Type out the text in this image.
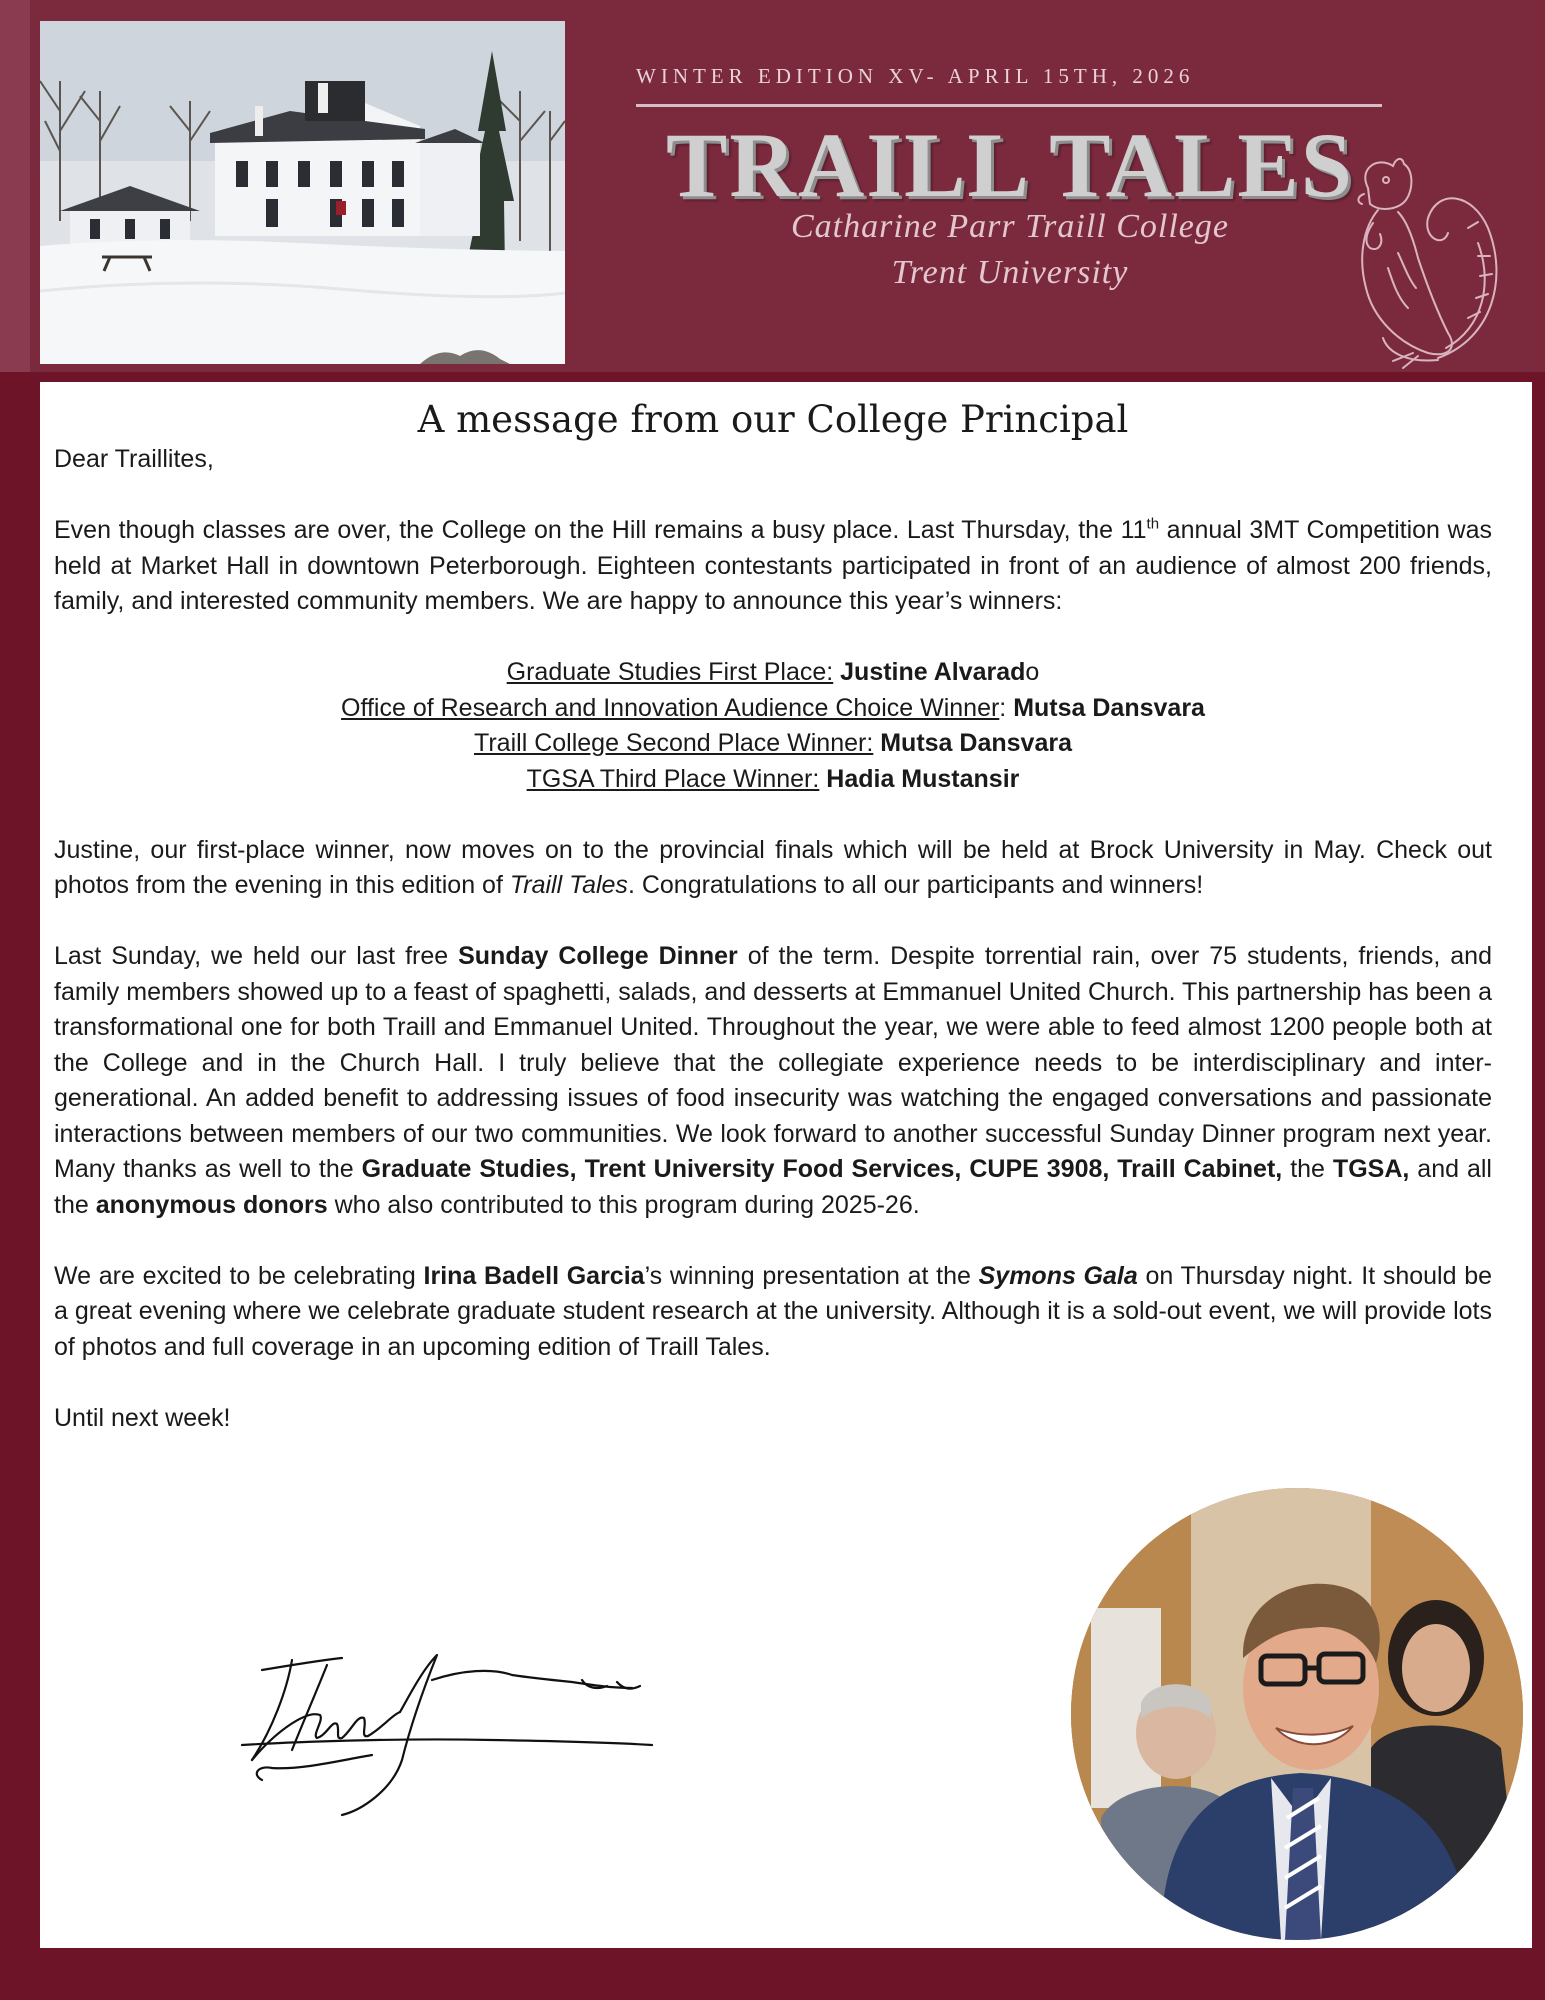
WINTER EDITION XV- APRIL 15TH, 2026
TRAILL TALES
Catharine Parr Traill College
Trent University
A message from our College Principal

Dear Traillites,

Even though classes are over, the College on the Hill remains a busy place. Last Thursday, the 11th annual 3MT Competition was held at Market Hall in downtown Peterborough. Eighteen contestants participated in front of an audience of almost 200 friends, family, and interested community members. We are happy to announce this year’s winners:

Graduate Studies First Place: Justine Alvarado
Office of Research and Innovation Audience Choice Winner: Mutsa Dansvara
Traill College Second Place Winner: Mutsa Dansvara
TGSA Third Place Winner: Hadia Mustansir

Justine, our first-place winner, now moves on to the provincial finals which will be held at Brock University in May. Check out photos from the evening in this edition of Traill Tales. Congratulations to all our participants and winners!

Last Sunday, we held our last free Sunday College Dinner of the term. Despite torrential rain, over 75 students, friends, and family members showed up to a feast of spaghetti, salads, and desserts at Emmanuel United Church. This partnership has been a transformational one for both Traill and Emmanuel United. Throughout the year, we were able to feed almost 1200 people both at the College and in the Church Hall. I truly believe that the collegiate experience needs to be interdisciplinary and inter-generational. An added benefit to addressing issues of food insecurity was watching the engaged conversations and passionate interactions between members of our two communities. We look forward to another successful Sunday Dinner program next year. Many thanks as well to the Graduate Studies, Trent University Food Services, CUPE 3908, Traill Cabinet, the TGSA, and all the anonymous donors who also contributed to this program during 2025-26.

We are excited to be celebrating Irina Badell Garcia’s winning presentation at the Symons Gala on Thursday night. It should be a great evening where we celebrate graduate student research at the university. Although it is a sold-out event, we will provide lots of photos and full coverage in an upcoming edition of Traill Tales.

Until next week!
